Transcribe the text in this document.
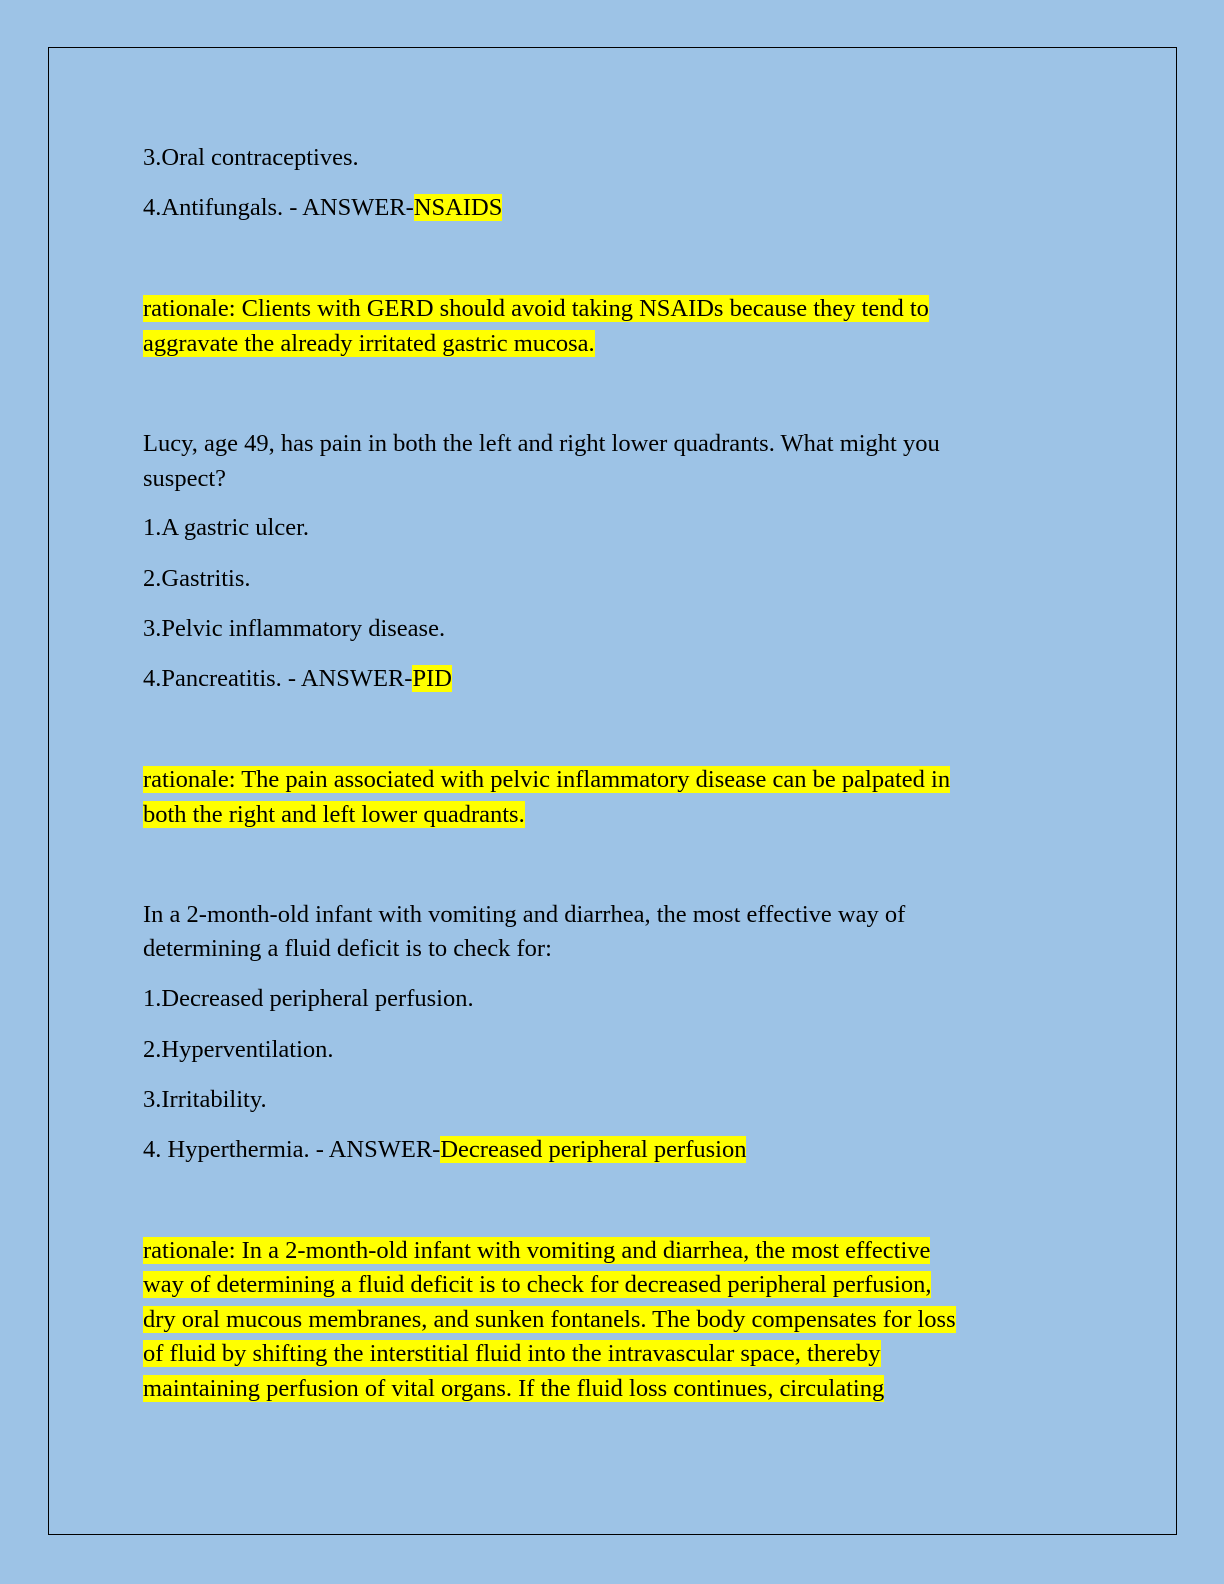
3.Oral contraceptives.
4.Antifungals. - ANSWER-NSAIDS
rationale: Clients with GERD should avoid taking NSAIDs because they tend to
aggravate the already irritated gastric mucosa.
Lucy, age 49, has pain in both the left and right lower quadrants. What might you
suspect?
1.A gastric ulcer.
2.Gastritis.
3.Pelvic inflammatory disease.
4.Pancreatitis. - ANSWER-PID
rationale: The pain associated with pelvic inflammatory disease can be palpated in
both the right and left lower quadrants.
In a 2-month-old infant with vomiting and diarrhea, the most effective way of
determining a fluid deficit is to check for:
1.Decreased peripheral perfusion.
2.Hyperventilation.
3.Irritability.
4. Hyperthermia. - ANSWER-Decreased peripheral perfusion
rationale: In a 2-month-old infant with vomiting and diarrhea, the most effective
way of determining a fluid deficit is to check for decreased peripheral perfusion,
dry oral mucous membranes, and sunken fontanels. The body compensates for loss
of fluid by shifting the interstitial fluid into the intravascular space, thereby
maintaining perfusion of vital organs. If the fluid loss continues, circulating
